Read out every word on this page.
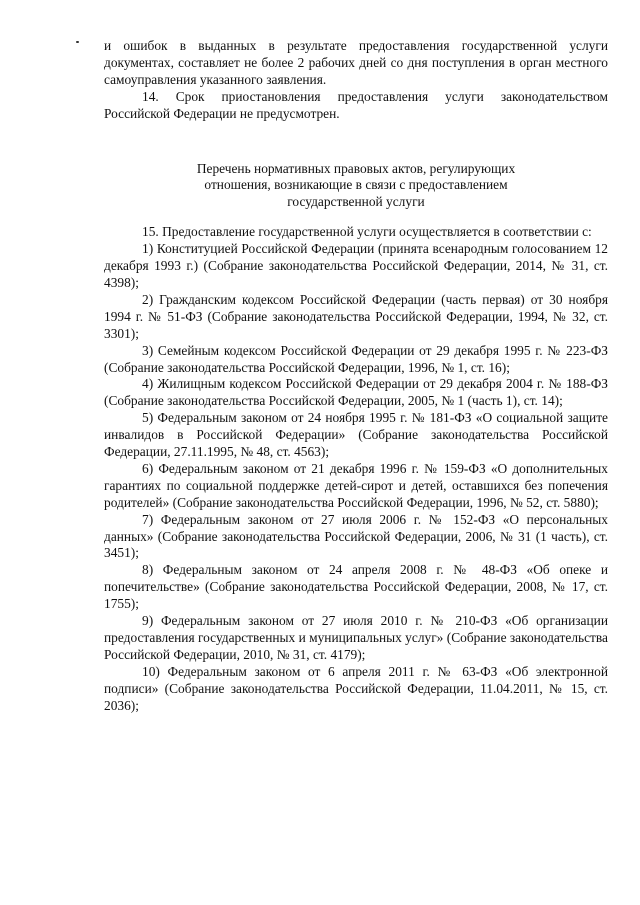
и ошибок в выданных в результате предоставления государственной услуги документах, составляет не более 2 рабочих дней со дня поступления в орган местного самоуправления указанного заявления.

14. Срок приостановления предоставления услуги законодательством Российской Федерации не предусмотрен.

Перечень нормативных правовых актов, регулирующих
отношения, возникающие в связи с предоставлением
государственной услуги

15. Предоставление государственной услуги осуществляется в соответствии с:

1) Конституцией Российской Федерации (принята всенародным голосованием 12 декабря 1993 г.) (Собрание законодательства Российской Федерации, 2014, № 31, ст. 4398);

2) Гражданским кодексом Российской Федерации (часть первая) от 30 ноября 1994 г. № 51-ФЗ (Собрание законодательства Российской Федерации, 1994, № 32, ст. 3301);

3) Семейным кодексом Российской Федерации от 29 декабря 1995 г. № 223-ФЗ (Собрание законодательства Российской Федерации, 1996, № 1, ст. 16);

4) Жилищным кодексом Российской Федерации от 29 декабря 2004 г. № 188-ФЗ (Собрание законодательства Российской Федерации, 2005, № 1 (часть 1), ст. 14);

5) Федеральным законом от 24 ноября 1995 г. № 181-ФЗ «О социальной защите инвалидов в Российской Федерации» (Собрание законодательства Российской Федерации, 27.11.1995, № 48, ст. 4563);

6) Федеральным законом от 21 декабря 1996 г. № 159-ФЗ «О дополнительных гарантиях по социальной поддержке детей-сирот и детей, оставшихся без попечения родителей» (Собрание законодательства Российской Федерации, 1996, № 52, ст. 5880);

7) Федеральным законом от 27 июля 2006 г. № 152-ФЗ «О персональных данных» (Собрание законодательства Российской Федерации, 2006, № 31 (1 часть), ст. 3451);

8) Федеральным законом от 24 апреля 2008 г. № 48-ФЗ «Об опеке и попечительстве» (Собрание законодательства Российской Федерации, 2008, № 17, ст. 1755);

9) Федеральным законом от 27 июля 2010 г. № 210-ФЗ «Об организации предоставления государственных и муниципальных услуг» (Собрание законодательства Российской Федерации, 2010, № 31, ст. 4179);

10) Федеральным законом от 6 апреля 2011 г. № 63-ФЗ «Об электронной подписи» (Собрание законодательства Российской Федерации, 11.04.2011, № 15, ст. 2036);
